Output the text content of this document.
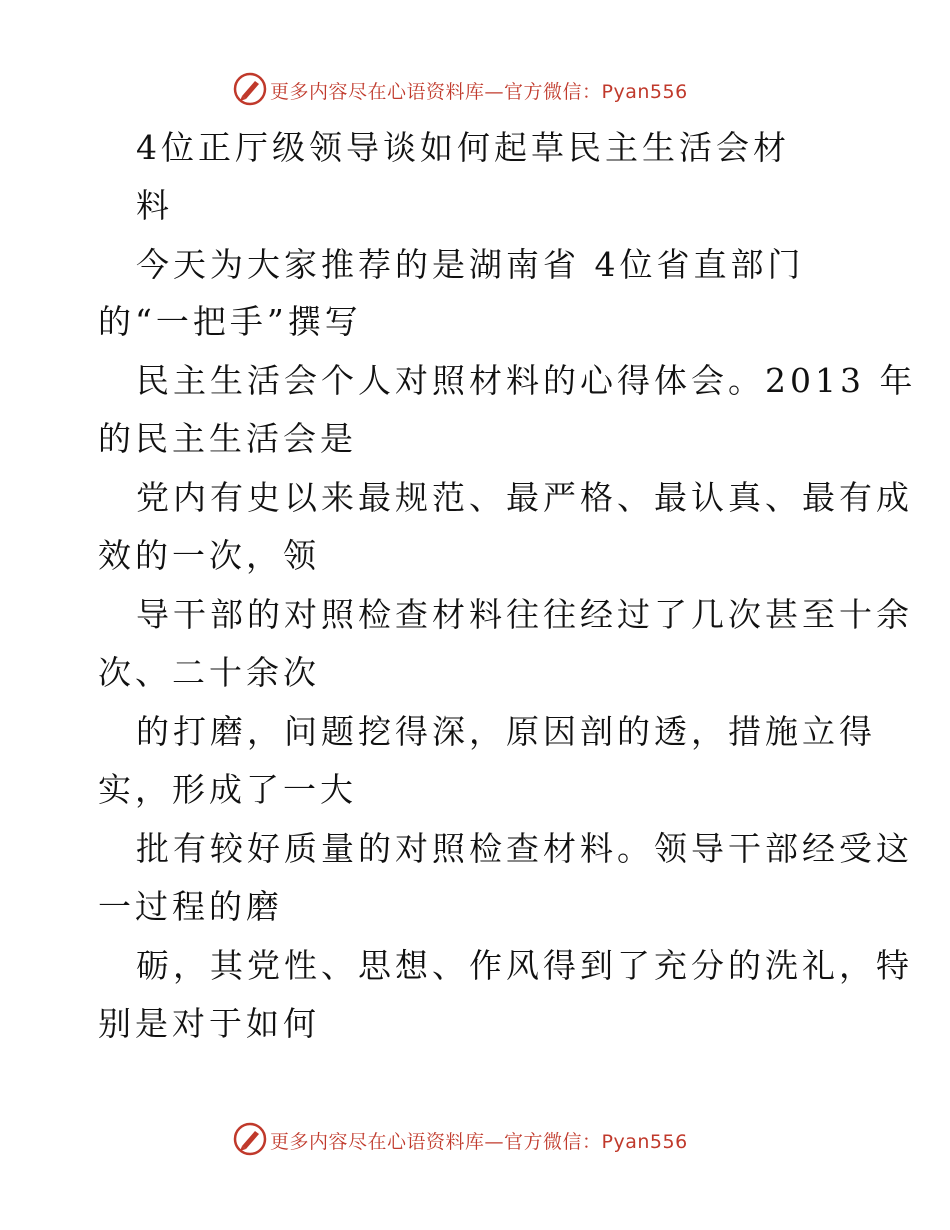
更多内容尽在心语资料库—官方微信：Pyan556
4位正厅级领导谈如何起草民主生活会材
料
今天为大家推荐的是湖南省 4位省直部门
的“一把手”撰写
民主生活会个人对照材料的心得体会。2013 年
的民主生活会是
党内有史以来最规范、最严格、最认真、最有成
效的一次，领
导干部的对照检查材料往往经过了几次甚至十余
次、二十余次
的打磨，问题挖得深，原因剖的透，措施立得
实，形成了一大
批有较好质量的对照检查材料。领导干部经受这
一过程的磨
砺，其党性、思想、作风得到了充分的洗礼，特
别是对于如何
更多内容尽在心语资料库—官方微信：Pyan556
